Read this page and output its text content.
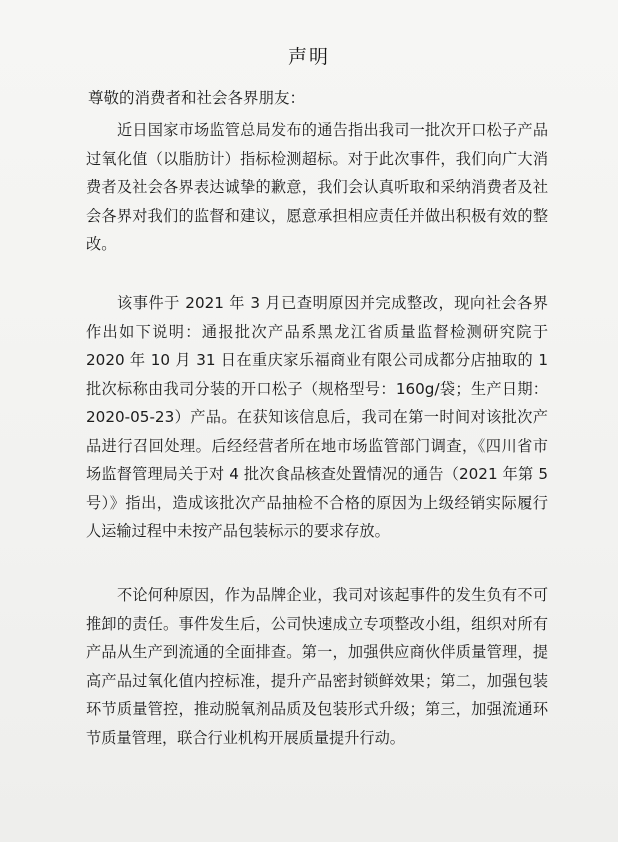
声明
尊敬的消费者和社会各界朋友：

近日国家市场监管总局发布的通告指出我司一批次开口松子产品过氧化值（以脂肪计）指标检测超标。对于此次事件，我们向广大消费者及社会各界表达诚挚的歉意，我们会认真听取和采纳消费者及社会各界对我们的监督和建议，愿意承担相应责任并做出积极有效的整改。

该事件于 2021 年 3 月已查明原因并完成整改，现向社会各界作出如下说明：通报批次产品系黑龙江省质量监督检测研究院于 2020 年 10 月 31 日在重庆家乐福商业有限公司成都分店抽取的 1 批次标称由我司分装的开口松子（规格型号：160g/袋；生产日期：2020-05-23）产品。在获知该信息后，我司在第一时间对该批次产品进行召回处理。后经经营者所在地市场监管部门调查，《四川省市场监督管理局关于对 4 批次食品核查处置情况的通告（2021 年第 5 号）》指出，造成该批次产品抽检不合格的原因为上级经销实际履行人运输过程中未按产品包装标示的要求存放。

不论何种原因，作为品牌企业，我司对该起事件的发生负有不可推卸的责任。事件发生后，公司快速成立专项整改小组，组织对所有产品从生产到流通的全面排查。第一，加强供应商伙伴质量管理，提高产品过氧化值内控标准，提升产品密封锁鲜效果；第二，加强包装环节质量管控，推动脱氧剂品质及包装形式升级；第三，加强流通环节质量管理，联合行业机构开展质量提升行动。
